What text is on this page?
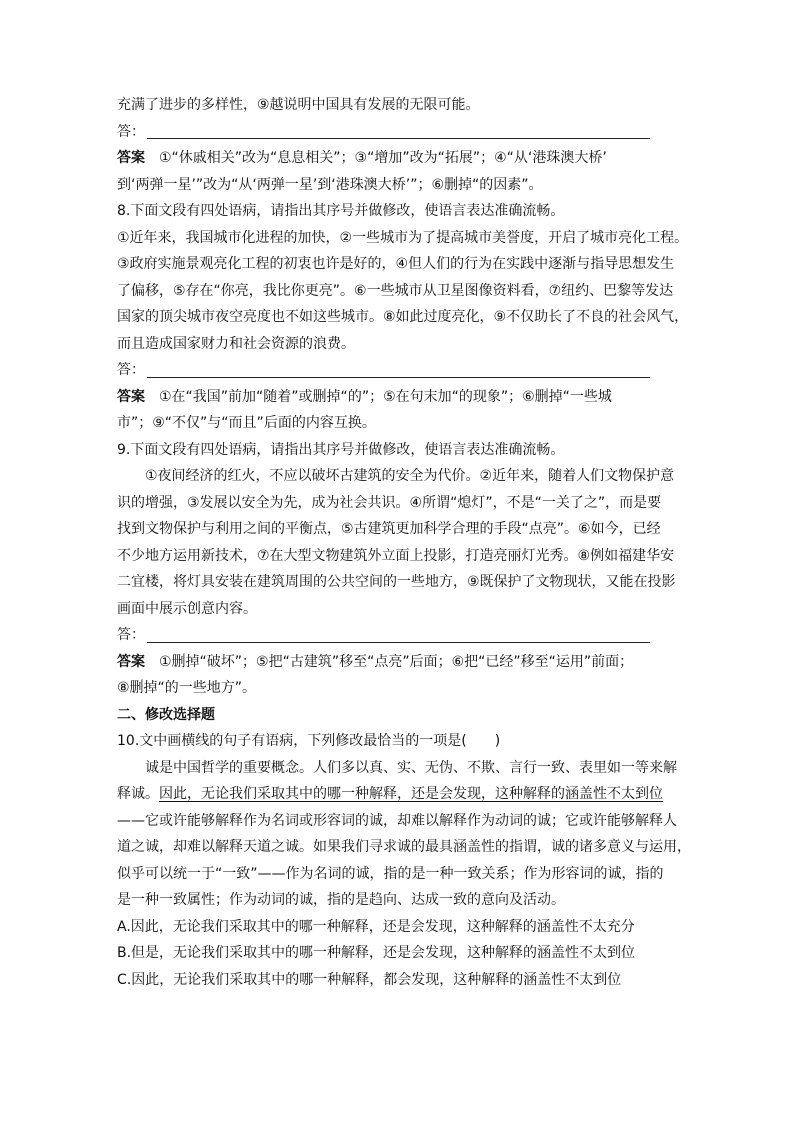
充满了进步的多样性，⑨越说明中国具有发展的无限可能。
答：
答案 ①“休戚相关”改为“息息相关”；③“增加”改为“拓展”；④“从‘港珠澳大桥’
到‘两弹一星’”改为“从‘两弹一星’到‘港珠澳大桥’”；⑥删掉“的因素”。
8.下面文段有四处语病，请指出其序号并做修改，使语言表达准确流畅。
①近年来，我国城市化进程的加快，②一些城市为了提高城市美誉度，开启了城市亮化工程。
③政府实施景观亮化工程的初衷也许是好的，④但人们的行为在实践中逐渐与指导思想发生
了偏移，⑤存在“你亮，我比你更亮”。⑥一些城市从卫星图像资料看，⑦纽约、巴黎等发达
国家的顶尖城市夜空亮度也不如这些城市。⑧如此过度亮化，⑨不仅助长了不良的社会风气，
而且造成国家财力和社会资源的浪费。
答：
答案 ①在“我国”前加“随着”或删掉“的”；⑤在句末加“的现象”；⑥删掉“一些城
市”；⑨“不仅”与“而且”后面的内容互换。
9.下面文段有四处语病，请指出其序号并做修改，使语言表达准确流畅。
①夜间经济的红火，不应以破坏古建筑的安全为代价。②近年来，随着人们文物保护意
识的增强，③发展以安全为先，成为社会共识。④所谓“熄灯”，不是“一关了之”，而是要
找到文物保护与利用之间的平衡点，⑤古建筑更加科学合理的手段“点亮”。⑥如今，已经
不少地方运用新技术，⑦在大型文物建筑外立面上投影，打造亮丽灯光秀。⑧例如福建华安
二宜楼，将灯具安装在建筑周围的公共空间的一些地方，⑨既保护了文物现状，又能在投影
画面中展示创意内容。
答：
答案 ①删掉“破坏”；⑤把“古建筑”移至“点亮”后面；⑥把“已经”移至“运用”前面；
⑧删掉“的一些地方”。
二、修改选择题
10.文中画横线的句子有语病，下列修改最恰当的一项是(　　)
诚是中国哲学的重要概念。人们多以真、实、无伪、不欺、言行一致、表里如一等来解
释诚。因此，无论我们采取其中的哪一种解释，还是会发现，这种解释的涵盖性不太到位
——它或许能够解释作为名词或形容词的诚，却难以解释作为动词的诚；它或许能够解释人
道之诚，却难以解释天道之诚。如果我们寻求诚的最具涵盖性的指谓，诚的诸多意义与运用，
似乎可以统一于“一致”——作为名词的诚，指的是一种一致关系；作为形容词的诚，指的
是一种一致属性；作为动词的诚，指的是趋向、达成一致的意向及活动。
A.因此，无论我们采取其中的哪一种解释，还是会发现，这种解释的涵盖性不太充分
B.但是，无论我们采取其中的哪一种解释，还是会发现，这种解释的涵盖性不太到位
C.因此，无论我们采取其中的哪一种解释，都会发现，这种解释的涵盖性不太到位
